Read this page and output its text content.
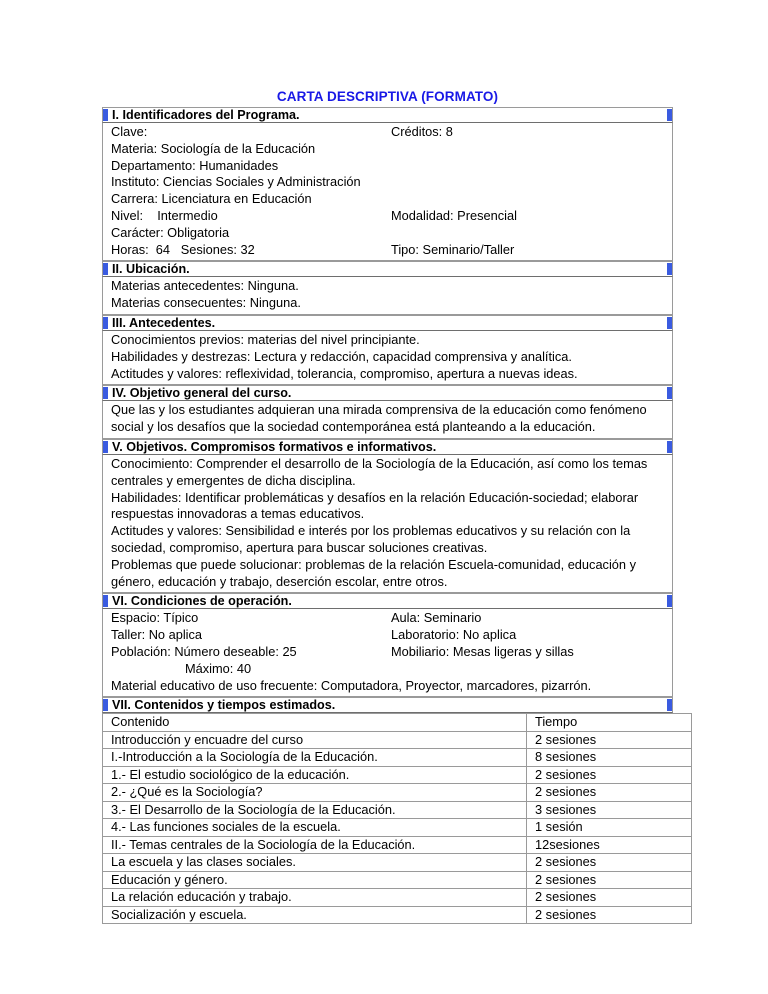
CARTA DESCRIPTIVA (FORMATO)
I. Identificadores del Programa.

Clave:	Créditos: 8
Materia: Sociología de la Educación
Departamento: Humanidades
Instituto: Ciencias Sociales y Administración
Carrera: Licenciatura en Educación
Nivel:    Intermedio	Modalidad: Presencial
Carácter: Obligatoria
Horas:  64   Sesiones: 32	Tipo: Seminario/Taller

II. Ubicación.

Materias antecedentes: Ninguna.
Materias consecuentes: Ninguna.

III. Antecedentes.

Conocimientos previos: materias del nivel principiante.
Habilidades y destrezas: Lectura y redacción, capacidad comprensiva y analítica.
Actitudes y valores: reflexividad, tolerancia, compromiso, apertura a nuevas ideas.

IV. Objetivo general del curso.

Que las y los estudiantes adquieran una mirada comprensiva de la educación como fenómeno social y los desafíos que la sociedad contemporánea está planteando a la educación.

V. Objetivos. Compromisos formativos e informativos.

Conocimiento: Comprender el desarrollo de la Sociología de la Educación, así como los temas centrales y emergentes de dicha disciplina.
Habilidades: Identificar problemáticas y desafíos en la relación Educación-sociedad; elaborar respuestas innovadoras a temas educativos.
Actitudes y valores: Sensibilidad e interés por los problemas educativos y su relación con la sociedad, compromiso, apertura para buscar soluciones creativas.
Problemas que puede solucionar: problemas de la relación Escuela-comunidad, educación y género, educación y trabajo, deserción escolar, entre otros.

VI. Condiciones de operación.

Espacio: Típico	Aula: Seminario
Taller: No aplica	Laboratorio: No aplica
Población: Número deseable: 25	Mobiliario: Mesas ligeras y sillas
Máximo: 40
Material educativo de uso frecuente: Computadora, Proyector, marcadores, pizarrón.

VII. Contenidos y tiempos estimados.

Contenido	Tiempo
Introducción y encuadre del curso	2 sesiones
I.-Introducción a la Sociología de la Educación.	8 sesiones
1.- El estudio sociológico de la educación.	2 sesiones
2.- ¿Qué es la Sociología?	2 sesiones
3.- El Desarrollo de la Sociología de la Educación.	3 sesiones
4.- Las funciones sociales de la escuela.	1 sesión
II.- Temas centrales de la Sociología de la Educación.	12sesiones
La escuela y las clases sociales.	2 sesiones
Educación y género.	2 sesiones
La relación educación y trabajo.	2 sesiones
Socialización y escuela.	2 sesiones
